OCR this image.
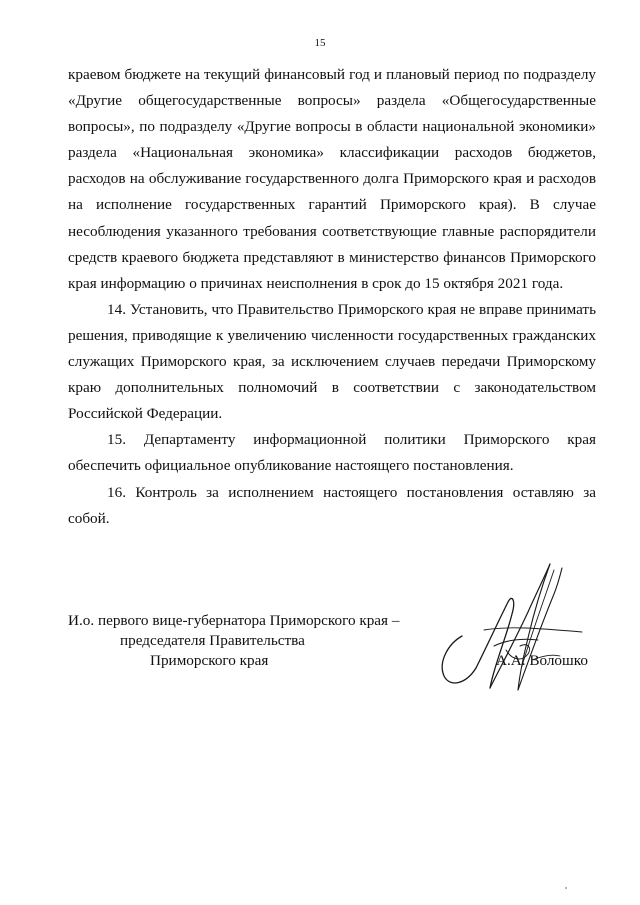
15

краевом бюджете на текущий финансовый год и плановый период по подразделу «Другие общегосударственные вопросы» раздела «Общегосударственные вопросы», по подразделу «Другие вопросы в области национальной экономики» раздела «Национальная экономика» классификации расходов бюджетов, расходов на обслуживание государственного долга Приморского края и расходов на исполнение государственных гарантий Приморского края). В случае несоблюдения указанного требования соответствующие главные распорядители средств краевого бюджета представляют в министерство финансов Приморского края информацию о причинах неисполнения в срок до 15 октября 2021 года.

14. Установить, что Правительство Приморского края не вправе принимать решения, приводящие к увеличению численности государственных гражданских служащих Приморского края, за исключением случаев передачи Приморскому краю дополнительных полномочий в соответствии с законодательством Российской Федерации.

15. Департаменту информационной политики Приморского края обеспечить официальное опубликование настоящего постановления.

16. Контроль за исполнением настоящего постановления оставляю за собой.

И.о. первого вице-губернатора Приморского края –
председателя Правительства
Приморского края	А.А. Волошко
